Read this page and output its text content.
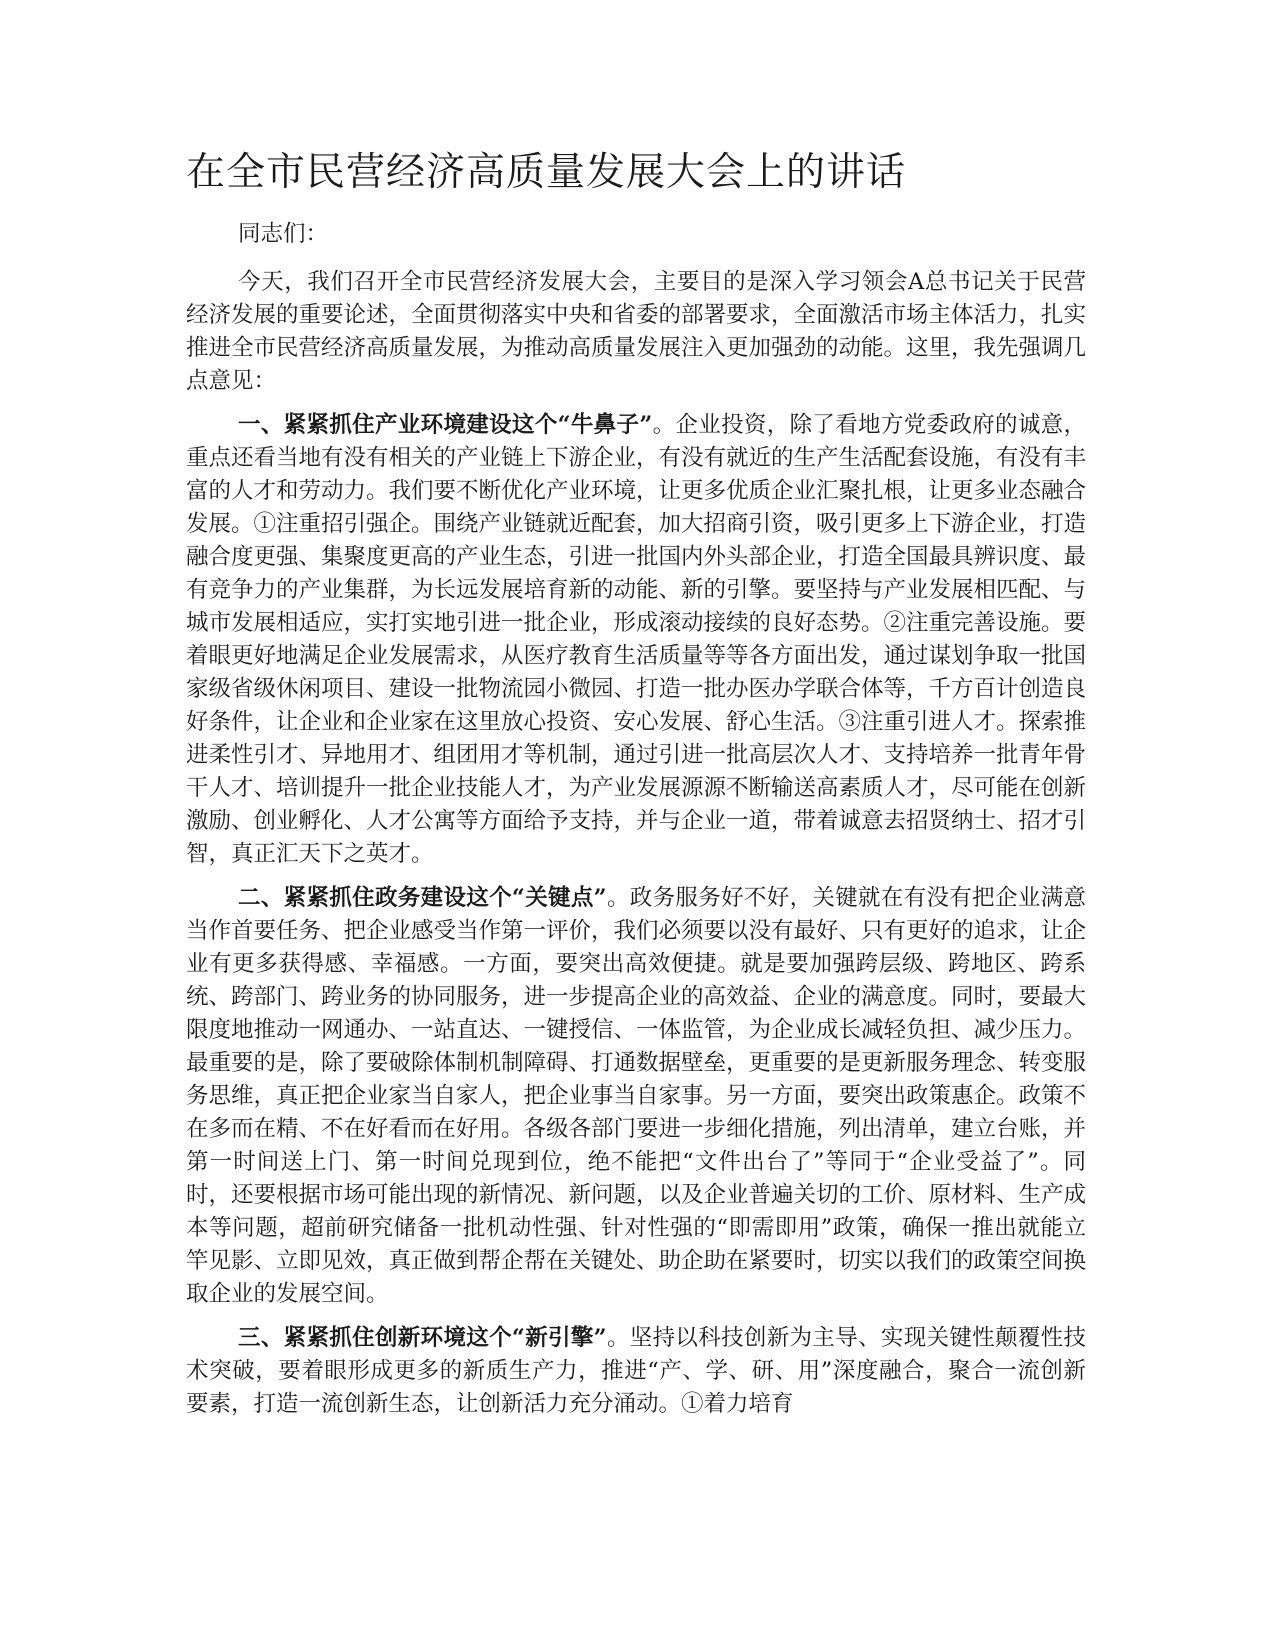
在全市民营经济高质量发展大会上的讲话

同志们：

今天，我们召开全市民营经济发展大会，主要目的是深入学习领会A总书记关于民营经济发展的重要论述，全面贯彻落实中央和省委的部署要求，全面激活市场主体活力，扎实推进全市民营经济高质量发展，为推动高质量发展注入更加强劲的动能。这里，我先强调几点意见：

一、紧紧抓住产业环境建设这个“牛鼻子”。企业投资，除了看地方党委政府的诚意，重点还看当地有没有相关的产业链上下游企业，有没有就近的生产生活配套设施，有没有丰富的人才和劳动力。我们要不断优化产业环境，让更多优质企业汇聚扎根，让更多业态融合发展。①注重招引强企。围绕产业链就近配套，加大招商引资，吸引更多上下游企业，打造融合度更强、集聚度更高的产业生态，引进一批国内外头部企业，打造全国最具辨识度、最有竞争力的产业集群，为长远发展培育新的动能、新的引擎。要坚持与产业发展相匹配、与城市发展相适应，实打实地引进一批企业，形成滚动接续的良好态势。②注重完善设施。要着眼更好地满足企业发展需求，从医疗教育生活质量等等各方面出发，通过谋划争取一批国家级省级休闲项目、建设一批物流园小微园、打造一批办医办学联合体等，千方百计创造良好条件，让企业和企业家在这里放心投资、安心发展、舒心生活。③注重引进人才。探索推进柔性引才、异地用才、组团用才等机制，通过引进一批高层次人才、支持培养一批青年骨干人才、培训提升一批企业技能人才，为产业发展源源不断输送高素质人才，尽可能在创新激励、创业孵化、人才公寓等方面给予支持，并与企业一道，带着诚意去招贤纳士、招才引智，真正汇天下之英才。

二、紧紧抓住政务建设这个“关键点”。政务服务好不好，关键就在有没有把企业满意当作首要任务、把企业感受当作第一评价，我们必须要以没有最好、只有更好的追求，让企业有更多获得感、幸福感。一方面，要突出高效便捷。就是要加强跨层级、跨地区、跨系统、跨部门、跨业务的协同服务，进一步提高企业的高效益、企业的满意度。同时，要最大限度地推动一网通办、一站直达、一键授信、一体监管，为企业成长减轻负担、减少压力。最重要的是，除了要破除体制机制障碍、打通数据壁垒，更重要的是更新服务理念、转变服务思维，真正把企业家当自家人，把企业事当自家事。另一方面，要突出政策惠企。政策不在多而在精、不在好看而在好用。各级各部门要进一步细化措施，列出清单，建立台账，并第一时间送上门、第一时间兑现到位，绝不能把“文件出台了”等同于“企业受益了”。同时，还要根据市场可能出现的新情况、新问题，以及企业普遍关切的工价、原材料、生产成本等问题，超前研究储备一批机动性强、针对性强的“即需即用”政策，确保一推出就能立竿见影、立即见效，真正做到帮企帮在关键处、助企助在紧要时，切实以我们的政策空间换取企业的发展空间。

三、紧紧抓住创新环境这个“新引擎”。坚持以科技创新为主导、实现关键性颠覆性技术突破，要着眼形成更多的新质生产力，推进“产、学、研、用”深度融合，聚合一流创新要素，打造一流创新生态，让创新活力充分涌动。①着力培育
